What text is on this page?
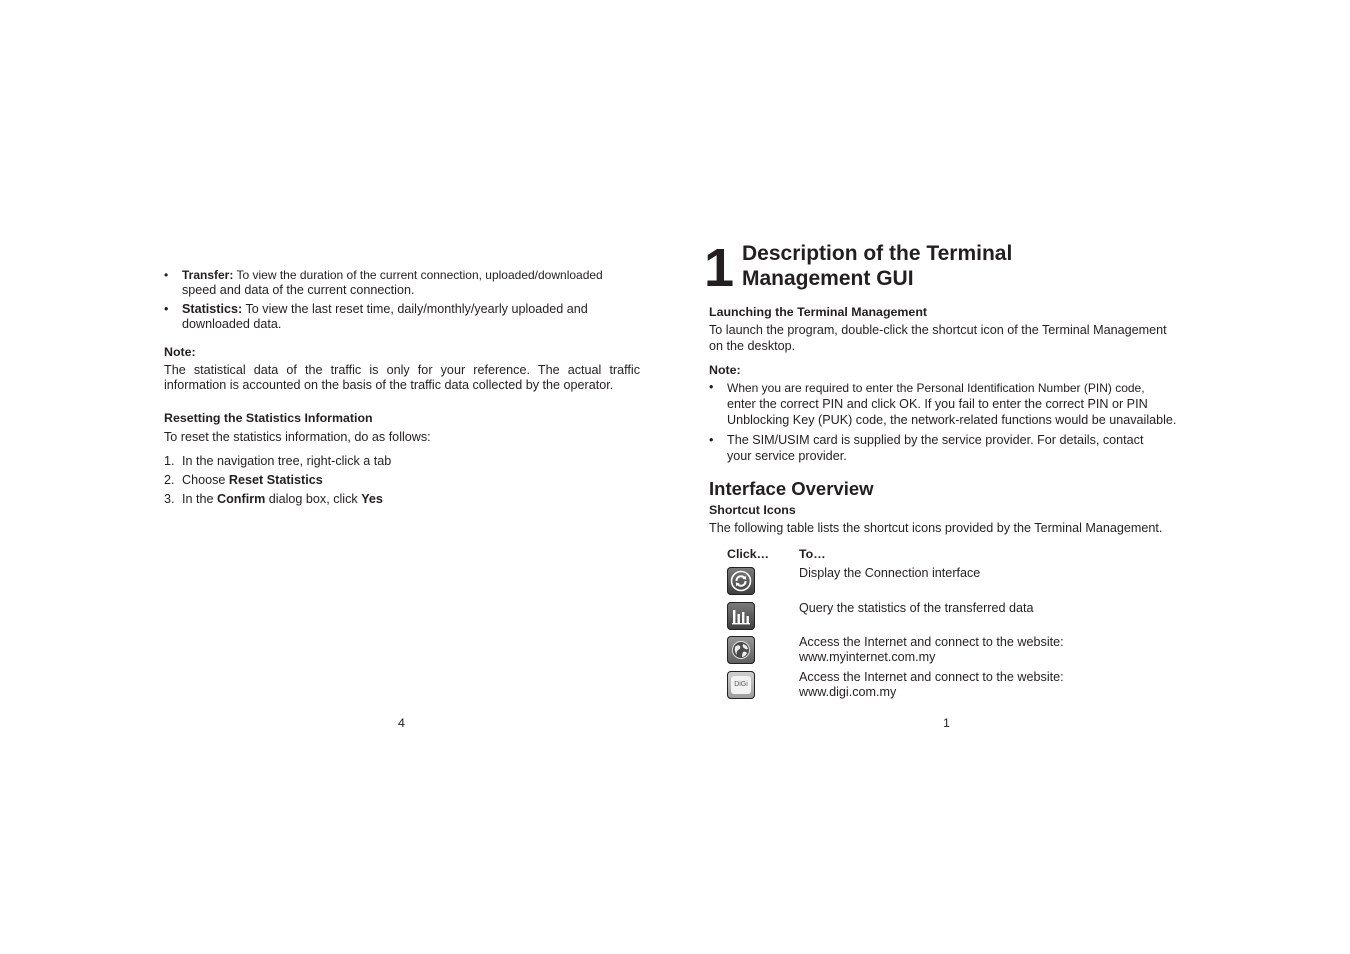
• Transfer: To view the duration of the current connection, uploaded/downloaded
speed and data of the current connection.
• Statistics: To view the last reset time, daily/monthly/yearly uploaded and
downloaded data.
Note:
The statistical data of the traffic is only for your reference. The actual traffic information is accounted on the basis of the traffic data collected by the operator.
Resetting the Statistics Information
To reset the statistics information, do as follows:
1. In the navigation tree, right-click a tab
2. Choose Reset Statistics
3. In the Confirm dialog box, click Yes
4
1 Description of the Terminal
Management GUI
Launching the Terminal Management
To launch the program, double-click the shortcut icon of the Terminal Management
on the desktop.
Note:
• When you are required to enter the Personal Identification Number (PIN) code,
enter the correct PIN and click OK. If you fail to enter the correct PIN or PIN
Unblocking Key (PUK) code, the network-related functions would be unavailable.
• The SIM/USIM card is supplied by the service provider. For details, contact
your service provider.
Interface Overview
Shortcut Icons
The following table lists the shortcut icons provided by the Terminal Management.
Click… To…
Display the Connection interface
Query the statistics of the transferred data
Access the Internet and connect to the website:
www.myinternet.com.my
DiGi
Access the Internet and connect to the website:
www.digi.com.my
1
